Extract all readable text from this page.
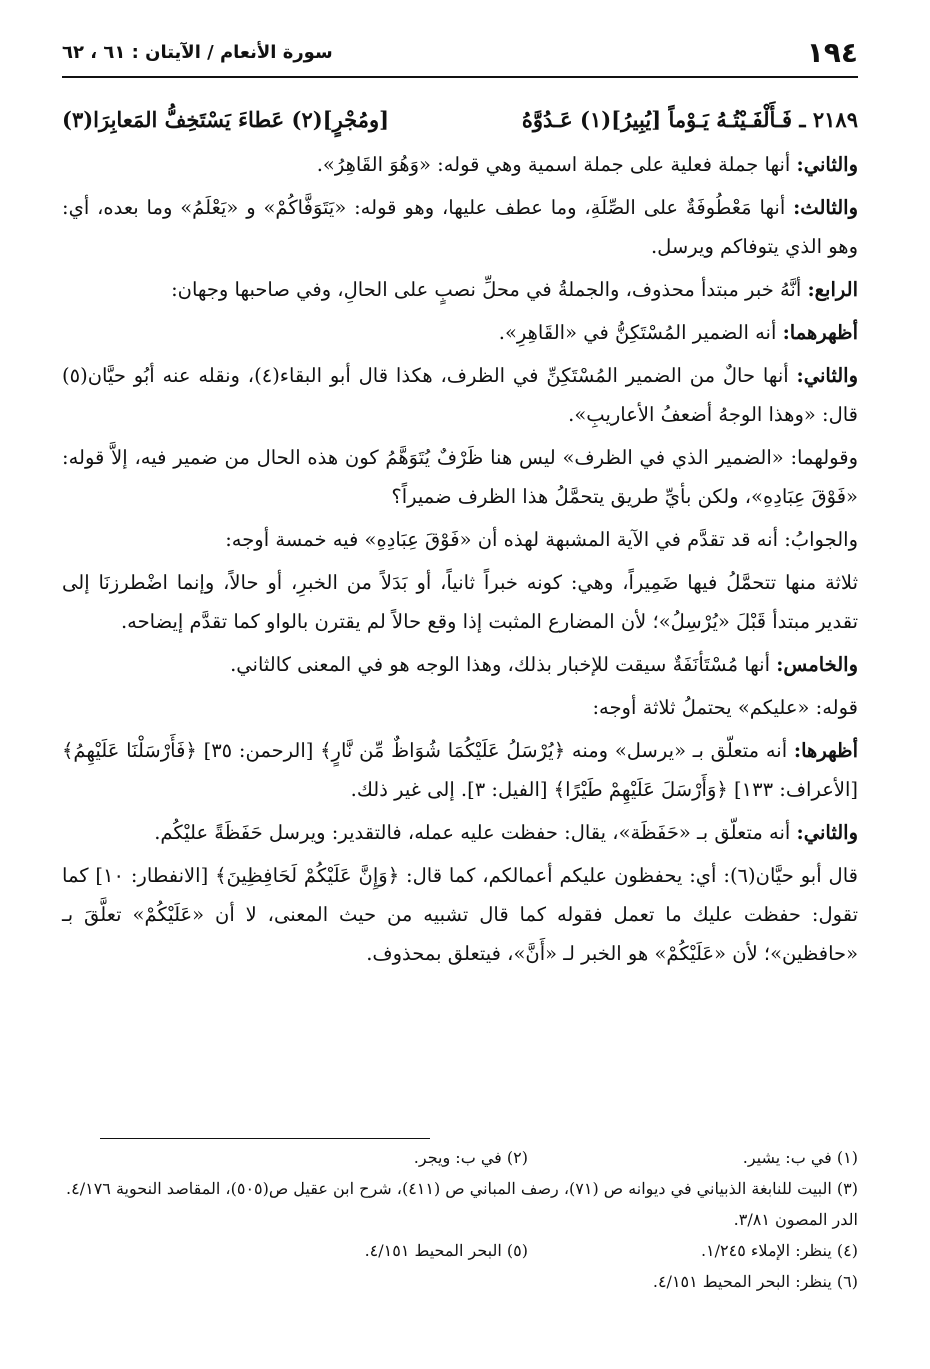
١٩٤
سورة الأنعام / الآيتان : ٦١ ، ٦٢

٢١٨٩ ـ فَـأَلْفَـيْتُـهُ يَـوْماً [يُبِيرُ](١) عَـدُوَّهُ
[ومُجْرٍ](٢) عَطاءَ يَسْتَخِفُّ المَعابِرَا(٣)

والثاني: أنها جملة فعلية على جملة اسمية وهي قوله: «وَهُوَ القَاهِرُ».

والثالث: أنها مَعْطُوفَةٌ على الصِّلَةِ، وما عطف عليها، وهو قوله: «يَتَوَفَّاكُمْ» و «يَعْلَمُ» وما بعده، أي: وهو الذي يتوفاكم ويرسل.

الرابع: أنَّهُ خبر مبتدأ محذوف، والجملةُ في محلِّ نصبٍ على الحالِ، وفي صاحبها وجهان:

أظهرهما: أنه الضمير المُسْتَكِنُّ في «القَاهِرِ».

والثاني: أنها حالٌ من الضمير المُسْتَكِنِّ في الظرف، هكذا قال أبو البقاء(٤)، ونقله عنه أبُو حيَّان(٥) قال: «وهذا الوجهُ أضعفُ الأعاريبِ».

وقولهما: «الضمير الذي في الظرف» ليس هنا ظَرْفٌ يُتَوَهَّمُ كون هذه الحال من ضمير فيه، إلاَّ قوله: «فَوْقَ عِبَادِهِ»، ولكن بأيِّ طريق يتحمَّلُ هذا الظرف ضميراً؟

والجوابُ: أنه قد تقدَّم في الآية المشبهة لهذه أن «فَوْقَ عِبَادِهِ» فيه خمسة أوجه:

ثلاثة منها تتحمَّلُ فيها ضَمِيراً، وهي: كونه خبراً ثانياً، أو بَدَلاً من الخبرِ، أو حالاً، وإنما اضْطرزنَا إلى تقدير مبتدأ قَبْلَ «يُرْسِلُ»؛ لأن المضارع المثبت إذا وقع حالاً لم يقترن بالواو كما تقدَّم إيضاحه.

والخامس: أنها مُسْتَأنَفَةٌ سيقت للإخبار بذلك، وهذا الوجه هو في المعنى كالثاني.

قوله: «عليكم» يحتملُ ثلاثة أوجه:

أظهرها: أنه متعلّق بـ «يرسل» ومنه ﴿يُرْسَلُ عَلَيْكُمَا شُوَاظٌ مِّن نَّارٍ﴾ [الرحمن: ٣٥] ﴿فَأَرْسَلْنَا عَلَيْهِمُ﴾ [الأعراف: ١٣٣] ﴿وَأَرْسَلَ عَلَيْهِمْ طَيْرًا﴾ [الفيل: ٣]. إلى غير ذلك.

والثاني: أنه متعلّق بـ «حَفَظَة»، يقال: حفظت عليه عمله، فالتقدير: ويرسل حَفَظَةً عليْكُم.

قال أبو حيَّان(٦): أي: يحفظون عليكم أعمالكم، كما قال: ﴿وَإِنَّ عَلَيْكُمْ لَحَافِظِينَ﴾ [الانفطار: ١٠] كما تقول: حفظت عليك ما تعمل فقوله كما قال تشبيه من حيث المعنى، لا أن «عَلَيْكُمْ» تعلَّقَ بـ «حافظين»؛ لأن «عَلَيْكُمْ» هو الخبر لـ «أَنَّ»، فيتعلق بمحذوف.

(١) في ب: يشير.
(٢) في ب: ويجر.
(٣) البيت للنابغة الذبياني في ديوانه ص (٧١)، رصف المباني ص (٤١١)، شرح ابن عقيل ص(٥٠٥)، المقاصد النحوية ٤/١٧٦. الدر المصون ٣/٨١.
(٤) ينظر: الإملاء ١/٢٤٥.
(٥) البحر المحيط ٤/١٥١.
(٦) ينظر: البحر المحيط ٤/١٥١.
